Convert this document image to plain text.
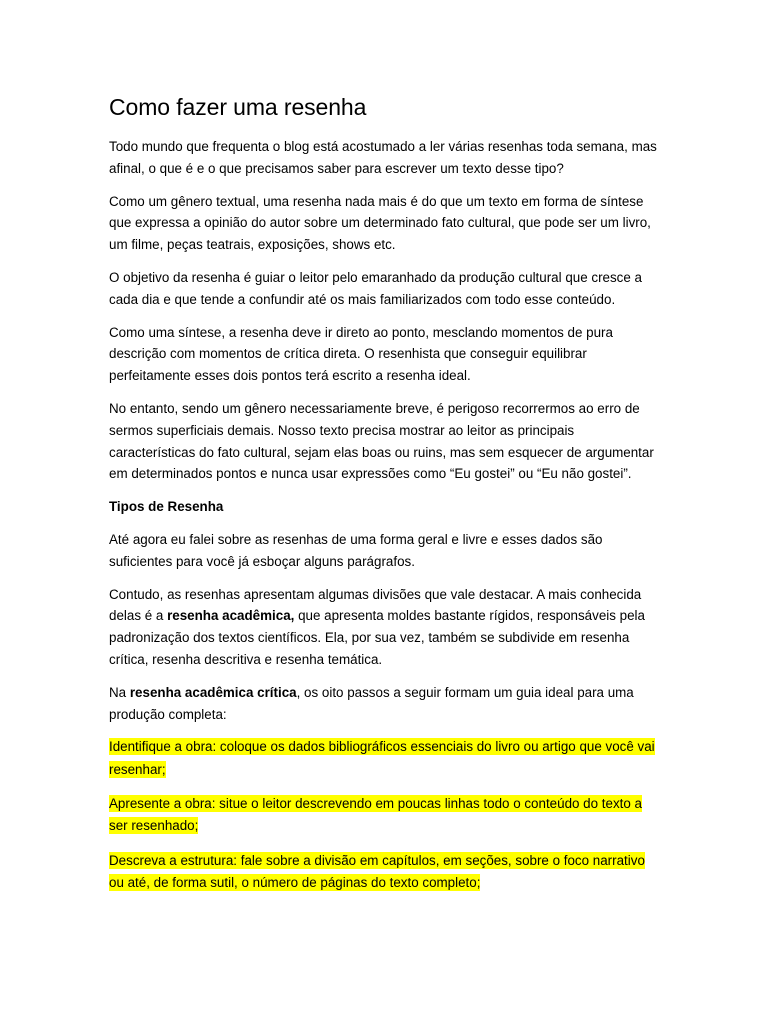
Como fazer uma resenha

Todo mundo que frequenta o blog está acostumado a ler várias resenhas toda semana, mas afinal, o que é e o que precisamos saber para escrever um texto desse tipo?

Como um gênero textual, uma resenha nada mais é do que um texto em forma de síntese que expressa a opinião do autor sobre um determinado fato cultural, que pode ser um livro, um filme, peças teatrais, exposições, shows etc.

O objetivo da resenha é guiar o leitor pelo emaranhado da produção cultural que cresce a cada dia e que tende a confundir até os mais familiarizados com todo esse conteúdo.

Como uma síntese, a resenha deve ir direto ao ponto, mesclando momentos de pura descrição com momentos de crítica direta. O resenhista que conseguir equilibrar perfeitamente esses dois pontos terá escrito a resenha ideal.

No entanto, sendo um gênero necessariamente breve, é perigoso recorrermos ao erro de sermos superficiais demais. Nosso texto precisa mostrar ao leitor as principais características do fato cultural, sejam elas boas ou ruins, mas sem esquecer de argumentar em determinados pontos e nunca usar expressões como “Eu gostei” ou “Eu não gostei”.

Tipos de Resenha

Até agora eu falei sobre as resenhas de uma forma geral e livre e esses dados são suficientes para você já esboçar alguns parágrafos.

Contudo, as resenhas apresentam algumas divisões que vale destacar. A mais conhecida delas é a resenha acadêmica, que apresenta moldes bastante rígidos, responsáveis pela padronização dos textos científicos. Ela, por sua vez, também se subdivide em resenha crítica, resenha descritiva e resenha temática.

Na resenha acadêmica crítica, os oito passos a seguir formam um guia ideal para uma produção completa:

Identifique a obra: coloque os dados bibliográficos essenciais do livro ou artigo que você vai resenhar;

Apresente a obra: situe o leitor descrevendo em poucas linhas todo o conteúdo do texto a ser resenhado;

Descreva a estrutura: fale sobre a divisão em capítulos, em seções, sobre o foco narrativo ou até, de forma sutil, o número de páginas do texto completo;
